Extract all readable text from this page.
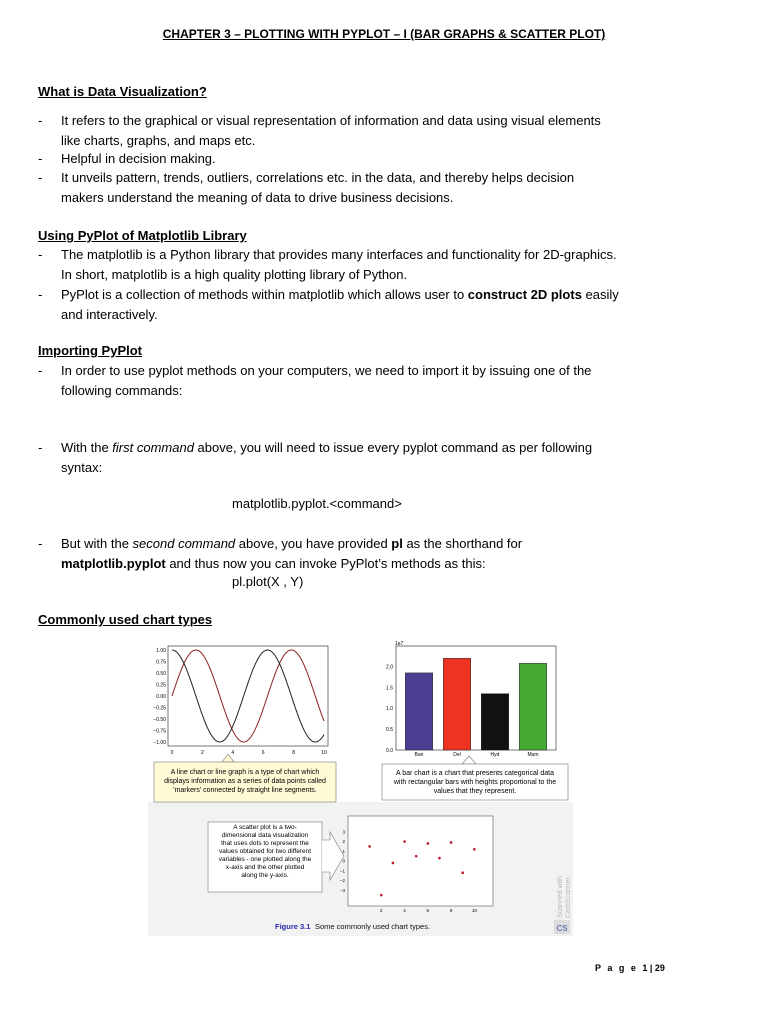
CHAPTER 3 – PLOTTING WITH PYPLOT – I (BAR GRAPHS & SCATTER PLOT)
What is Data Visualization?
- It refers to the graphical or visual representation of information and data using visual elements
like charts, graphs, and maps etc.
- Helpful in decision making.
- It unveils pattern, trends, outliers, correlations etc. in the data, and thereby helps decision
makers understand the meaning of data to drive business decisions.
Using PyPlot of Matplotlib Library
- The matplotlib is a Python library that provides many interfaces and functionality for 2D-graphics.
In short, matplotlib is a high quality plotting library of Python.
- PyPlot is a collection of methods within matplotlib which allows user to construct 2D plots easily
and interactively.
Importing PyPlot
- In order to use pyplot methods on your computers, we need to import it by issuing one of the
following commands:
- With the first command above, you will need to issue every pyplot command as per following
syntax:
matplotlib.pyplot.<command>
- But with the second command above, you have provided pl as the shorthand for
matplotlib.pyplot and thus now you can invoke PyPlot’s methods as this:
pl.plot(X , Y)
Commonly used chart types
1.00
0.75
0.50
0.25
0.00
−0.25
−0.50
−0.75
−1.00
0	2	4	6	8	10
A line chart or line graph is a type of chart which
displays information as a series of data points called
'markers' connected by straight line segments.
1e7
2.0
1.5
1.0
0.5
0.0
Ban	Del	Hyd	Mum
A bar chart is a chart that presents categorical data
with rectangular bars with heights proportional to the
values that they represent.
A scatter plot is a two-
dimensional data visualization
that uses dots to represent the
values obtained for two different
variables - one plotted along the
x-axis and the other plotted
along the y-axis.
3
2
1
0
−1
−2
−3
2	4	6	8	10	Scanned with CamScanner
CS
Figure 3.1 Some commonly used chart types.
P a g e 1 | 29
